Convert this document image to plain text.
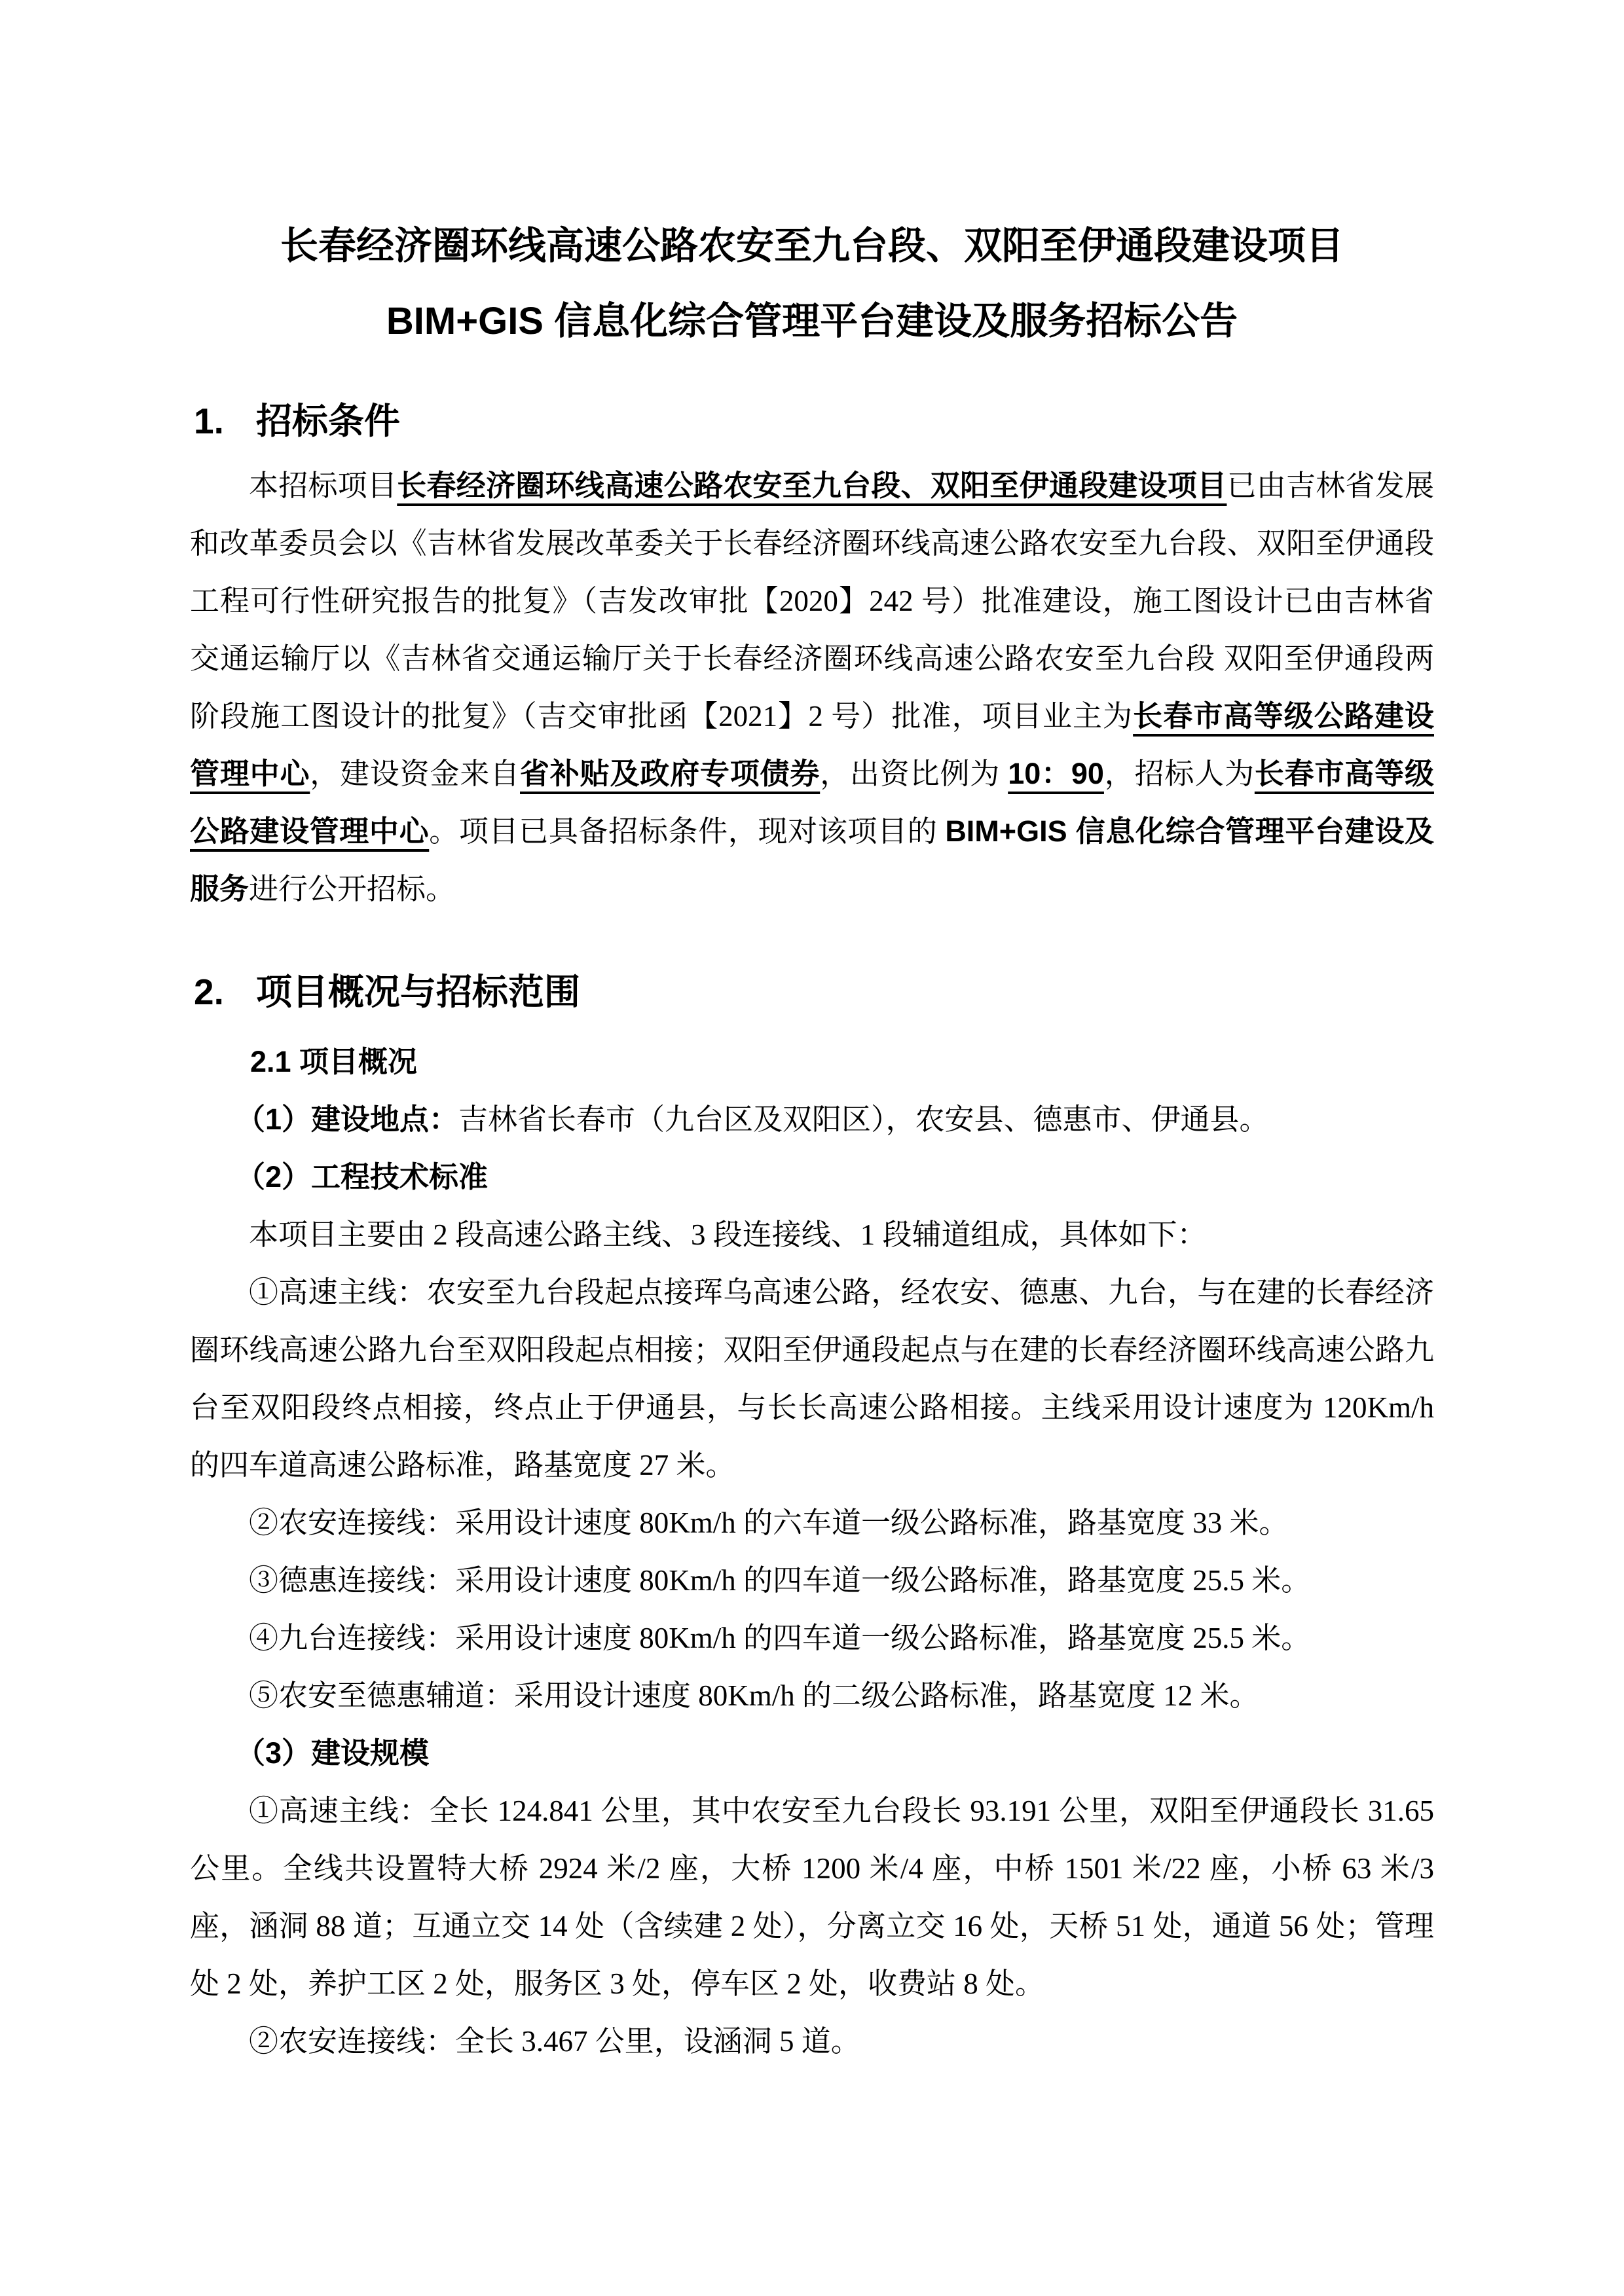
长春经济圈环线高速公路农安至九台段、双阳至伊通段建设项目
BIM+GIS 信息化综合管理平台建设及服务招标公告
1. 招标条件

本招标项目长春经济圈环线高速公路农安至九台段、双阳至伊通段建设项目已由吉林省发展和改革委员会以《吉林省发展改革委关于长春经济圈环线高速公路农安至九台段、双阳至伊通段工程可行性研究报告的批复》（吉发改审批【2020】242 号）批准建设，施工图设计已由吉林省交通运输厅以《吉林省交通运输厅关于长春经济圈环线高速公路农安至九台段 双阳至伊通段两阶段施工图设计的批复》（吉交审批函【2021】2 号）批准，项目业主为长春市高等级公路建设管理中心，建设资金来自省补贴及政府专项债券，出资比例为 10：90，招标人为长春市高等级公路建设管理中心。项目已具备招标条件，现对该项目的 BIM+GIS 信息化综合管理平台建设及服务进行公开招标。

2. 项目概况与招标范围

2.1 项目概况

（1）建设地点：吉林省长春市（九台区及双阳区），农安县、德惠市、伊通县。

（2）工程技术标准

本项目主要由 2 段高速公路主线、3 段连接线、1 段辅道组成，具体如下：

①高速主线：农安至九台段起点接珲乌高速公路，经农安、德惠、九台，与在建的长春经济圈环线高速公路九台至双阳段起点相接；双阳至伊通段起点与在建的长春经济圈环线高速公路九台至双阳段终点相接，终点止于伊通县，与长长高速公路相接。主线采用设计速度为 120Km/h 的四车道高速公路标准，路基宽度 27 米。

②农安连接线：采用设计速度 80Km/h 的六车道一级公路标准，路基宽度 33 米。

③德惠连接线：采用设计速度 80Km/h 的四车道一级公路标准，路基宽度 25.5 米。

④九台连接线：采用设计速度 80Km/h 的四车道一级公路标准，路基宽度 25.5 米。

⑤农安至德惠辅道：采用设计速度 80Km/h 的二级公路标准，路基宽度 12 米。

（3）建设规模

①高速主线：全长 124.841 公里，其中农安至九台段长 93.191 公里，双阳至伊通段长 31.65 公里。全线共设置特大桥 2924 米/2 座，大桥 1200 米/4 座，中桥 1501 米/22 座，小桥 63 米/3 座，涵洞 88 道；互通立交 14 处（含续建 2 处），分离立交 16 处，天桥 51 处，通道 56 处；管理处 2 处，养护工区 2 处，服务区 3 处，停车区 2 处，收费站 8 处。

②农安连接线：全长 3.467 公里，设涵洞 5 道。
